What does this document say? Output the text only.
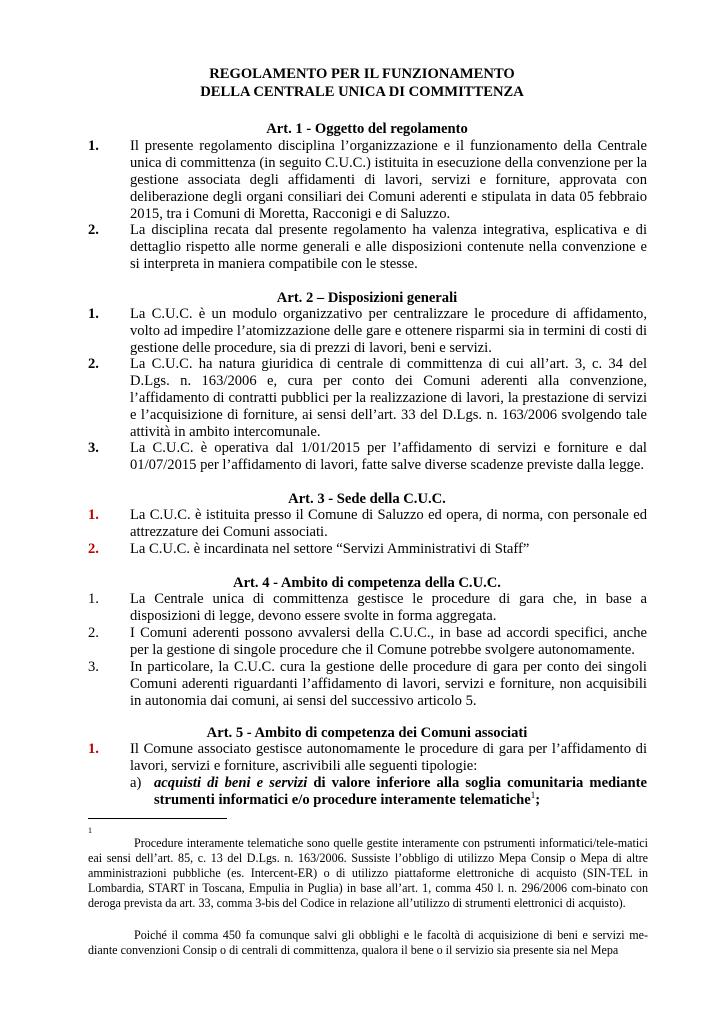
REGOLAMENTO PER IL FUNZIONAMENTO
DELLA CENTRALE UNICA DI COMMITTENZA
Art. 1 - Oggetto del regolamento
1.	Il presente regolamento disciplina l’organizzazione e il funzionamento della Centrale unica di committenza (in seguito C.U.C.) istituita in esecuzione della convenzione per la gestione associata degli affidamenti di lavori, servizi e forniture, approvata con deliberazione degli organi consiliari dei Comuni aderenti e stipulata in data 05 febbraio 2015, tra i Comuni di Moretta, Racconigi e di Saluzzo.
2.	La disciplina recata dal presente regolamento ha valenza integrativa, esplicativa e di dettaglio rispetto alle norme generali e alle disposizioni contenute nella convenzione e si interpreta in maniera compatibile con le stesse.
Art. 2 – Disposizioni generali
1.	La C.U.C. è un modulo organizzativo per centralizzare le procedure di affidamento, volto ad impedire l’atomizzazione delle gare e ottenere risparmi sia in termini di costi di gestione delle procedure, sia di prezzi di lavori, beni e servizi.
2.	La C.U.C. ha natura giuridica di centrale di committenza di cui all’art. 3, c. 34 del D.Lgs. n. 163/2006 e, cura per conto dei Comuni aderenti alla convenzione, l’affidamento di contratti pubblici per la realizzazione di lavori, la prestazione di servizi e l’acquisizione di forniture, ai sensi dell’art. 33 del D.Lgs. n. 163/2006 svolgendo tale attività in ambito intercomunale.
3.	La C.U.C. è operativa dal 1/01/2015 per l’affidamento di servizi e forniture e dal 01/07/2015 per l’affidamento di lavori, fatte salve diverse scadenze previste dalla legge.
Art. 3 - Sede della C.U.C.
1.	La C.U.C. è istituita presso il Comune di Saluzzo ed opera, di norma, con personale ed attrezzature dei Comuni associati.
2.	La C.U.C. è incardinata nel settore “Servizi Amministrativi di Staff”
Art. 4 - Ambito di competenza della C.U.C.
1.	La Centrale unica di committenza gestisce le procedure di gara che, in base a disposizioni di legge, devono essere svolte in forma aggregata.
2.	I Comuni aderenti possono avvalersi della C.U.C., in base ad accordi specifici, anche per la gestione di singole procedure che il Comune potrebbe svolgere autonomamente.
3.	In particolare, la C.U.C. cura la gestione delle procedure di gara per conto dei singoli Comuni aderenti riguardanti l’affidamento di lavori, servizi e forniture, non acquisibili in autonomia dai comuni, ai sensi del successivo articolo 5.
Art. 5 - Ambito di competenza dei Comuni associati
1.	Il Comune associato gestisce autonomamente le procedure di gara per l’affidamento di lavori, servizi e forniture, ascrivibili alle seguenti tipologie:
a) acquisti di beni e servizi di valore inferiore alla soglia comunitaria mediante strumenti informatici e/o procedure interamente telematiche$^1$;
1
Procedure interamente telematiche sono quelle gestite interamente con pstrumenti informatici/tele-matici eai sensi dell’art. 85, c. 13 del D.Lgs. n. 163/2006. Sussiste l’obbligo di utilizzo Mepa Consip o Mepa di altre amministrazioni pubbliche (es. Intercent-ER) o di utilizzo piattaforme elettroniche di acquisto (SIN-TEL in Lombardia, START in Toscana, Empulia in Puglia) in base all’art. 1, comma 450 l. n. 296/2006 com-binato con deroga prevista da art. 33, comma 3-bis del Codice in relazione all’utilizzo di strumenti elettronici di acquisto).
Poiché il comma 450 fa comunque salvi gli obblighi e le facoltà di acquisizione di beni e servizi me-diante convenzioni Consip o di centrali di committenza, qualora il bene o il servizio sia presente sia nel Mepa
